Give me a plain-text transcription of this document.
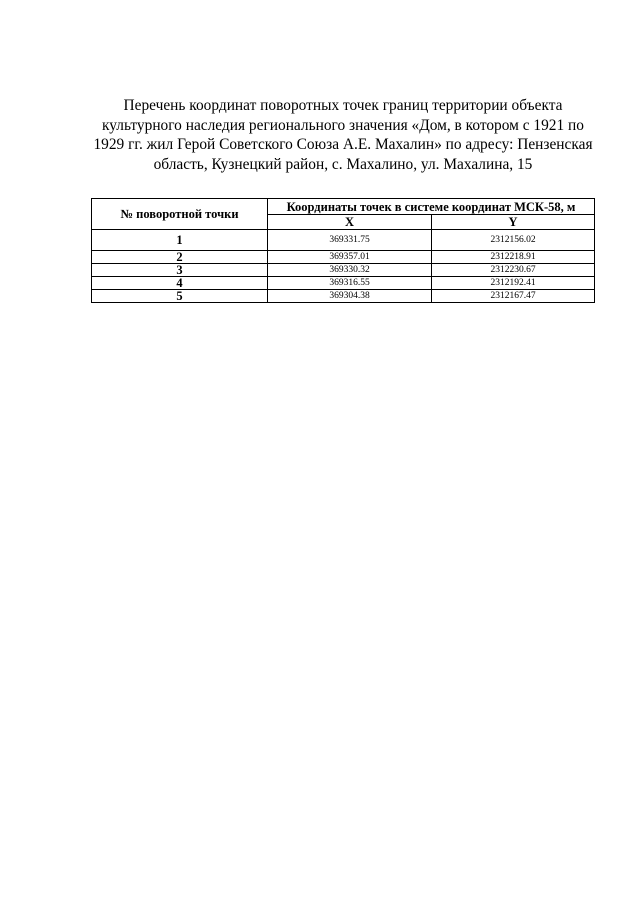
Перечень координат поворотных точек границ территории объекта
культурного наследия регионального значения «Дом, в котором с 1921 по
1929 гг. жил Герой Советского Союза А.Е. Махалин» по адресу: Пензенская
область, Кузнецкий район, с. Махалино, ул. Махалина, 15
№ поворотной точки	Координаты точек в системе координат МСК-58, м	
	X	Y
1	369331.75	2312156.02
2	369357.01	2312218.91
3	369330.32	2312230.67
4	369316.55	2312192.41
5	369304.38	2312167.47
